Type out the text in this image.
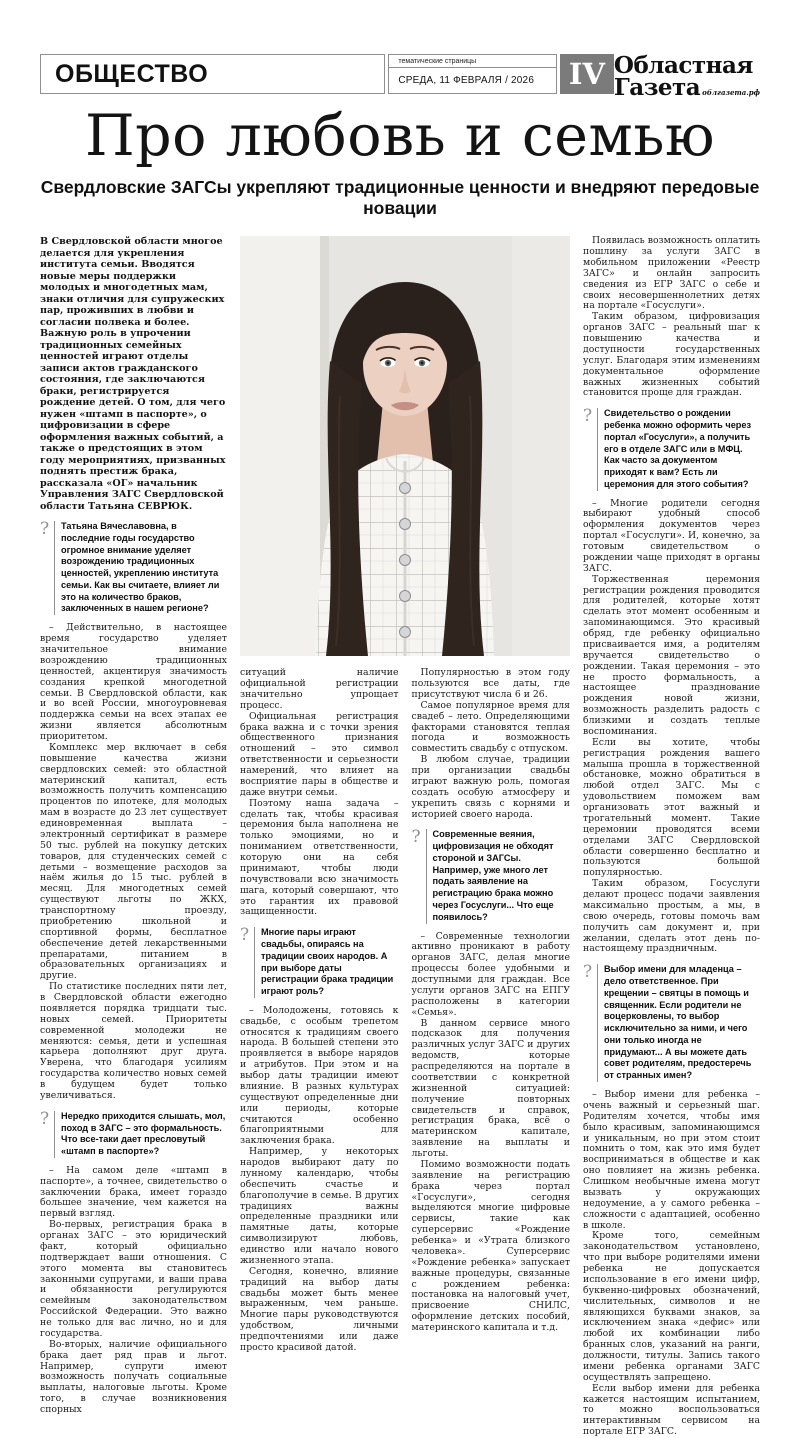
ОБЩЕСТВО	тематические страницы
СРЕДА, 11 ФЕВРАЛЯ / 2026	IV Областная
Газета облгазета.рф
Про любовь и семью
Свердловские ЗАГСы укрепляют традиционные ценности и внедряют передовые новации

В Свердловской области многое делается для укрепления института семьи. Вводятся новые меры поддержки молодых и многодетных мам, знаки отличия для супружеских пар, проживших в любви и согласии полвека и более. Важную роль в упрочении традиционных семейных ценностей играют отделы записи актов гражданского состояния, где заключаются браки, регистрируется рождение детей. О том, для чего нужен «штамп в паспорте», о цифровизации в сфере оформления важных событий, а также о предстоящих в этом году мероприятиях, призванных поднять престиж брака, рассказала «ОГ» начальник Управления ЗАГС Свердловской области Татьяна СЕВРЮК.

?	Татьяна Вячеславовна, в последние годы государство огромное внимание уделяет возрождению традиционных ценностей, укреплению института семьи. Как вы считаете, влияет ли это на количество браков, заключенных в нашем регионе?

– Действительно, в настоящее время государство уделяет значительное внимание возрождению традиционных ценностей, акцентируя значимость создания крепкой многодетной семьи. В Свердловской области, как и во всей России, многоуровневая поддержка семьи на всех этапах ее жизни является абсолютным приоритетом.

Комплекс мер включает в себя повышение качества жизни свердловских семей: это областной материнский капитал, есть возможность получить компенсацию процентов по ипотеке, для молодых мам в возрасте до 23 лет существует единовременная выплата – электронный сертификат в размере 50 тыс. рублей на покупку детских товаров, для студенческих семей с детьми – возмещение расходов за наём жилья до 15 тыс. рублей в месяц. Для многодетных семей существуют льготы по ЖКХ, транспортному проезду, приобретению школьной и спортивной формы, бесплатное обеспечение детей лекарственными препаратами, питанием в образовательных организациях и другие.

По статистике последних пяти лет, в Свердловской области ежегодно появляется порядка тридцати тыс. новых семей. Приоритеты современной молодежи не меняются: семья, дети и успешная карьера дополняют друг друга. Уверена, что благодаря усилиям государства количество новых семей в будущем будет только увеличиваться.

?	Нередко приходится слышать, мол, поход в ЗАГС – это формальность. Что все-таки дает пресловутый «штамп в паспорте»?

– На самом деле «штамп в паспорте», а точнее, свидетельство о заключении брака, имеет гораздо большее значение, чем кажется на первый взгляд.

Во-первых, регистрация брака в органах ЗАГС – это юридический факт, который официально подтверждает ваши отношения. С этого момента вы становитесь законными супругами, и ваши права и обязанности регулируются семейным законодательством Российской Федерации. Это важно не только для вас лично, но и для государства.

Во-вторых, наличие официального брака дает ряд прав и льгот. Например, супруги имеют возможность получать социальные выплаты, налоговые льготы. Кроме того, в случае возникновения спорных

ситуаций наличие официальной регистрации значительно упрощает процесс.

Официальная регистрация брака важна и с точки зрения общественного признания отношений – это символ ответственности и серьезности намерений, что влияет на восприятие пары в обществе и даже внутри семьи.

Поэтому наша задача – сделать так, чтобы красивая церемония была наполнена не только эмоциями, но и пониманием ответственности, которую они на себя принимают, чтобы люди почувствовали всю значимость шага, который совершают, что это гарантия их правовой защищенности.

?	Многие пары играют свадьбы, опираясь на традиции своих народов. А при выборе даты регистрации брака традиции играют роль?

– Молодожены, готовясь к свадьбе, с особым трепетом относятся к традициям своего народа. В большей степени это проявляется в выборе нарядов и атрибутов. При этом и на выбор даты традиции имеют влияние. В разных культурах существуют определенные дни или периоды, которые считаются особенно благоприятными для заключения брака.

Например, у некоторых народов выбирают дату по лунному календарю, чтобы обеспечить счастье и благополучие в семье. В других традициях важны определенные праздники или памятные даты, которые символизируют любовь, единство или начало нового жизненного этапа.

Сегодня, конечно, влияние традиций на выбор даты свадьбы может быть менее выраженным, чем раньше. Многие пары руководствуются удобством, личными предпочтениями или даже просто красивой датой.

Популярностью в этом году пользуются все даты, где присутствуют числа 6 и 26.

Самое популярное время для свадеб – лето. Определяющими факторами становятся теплая погода и возможность совместить свадьбу с отпуском.

В любом случае, традиции при организации свадьбы играют важную роль, помогая создать особую атмосферу и укрепить связь с корнями и историей своего народа.

?	Современные веяния, цифровизация не обходят стороной и ЗАГСы. Например, уже много лет подать заявление на регистрацию брака можно через Госуслуги... Что еще появилось?

– Современные технологии активно проникают в работу органов ЗАГС, делая многие процессы более удобными и доступными для граждан. Все услуги органов ЗАГС на ЕПГУ расположены в категории «Семья».

В данном сервисе много подсказок для получения различных услуг ЗАГС и других ведомств, которые распределяются на портале в соответствии с конкретной жизненной ситуацией: получение повторных свидетельств и справок, регистрация брака, всё о материнском капитале, заявление на выплаты и льготы.

Помимо возможности подать заявление на регистрацию брака через портал «Госуслуги», сегодня выделяются многие цифровые сервисы, такие как суперсервис «Рождение ребенка» и «Утрата близкого человека». Суперсервис «Рождение ребенка» запускает важные процедуры, связанные с рождением ребенка: постановка на налоговый учет, присвоение СНИЛС, оформление детских пособий, материнского капитала и т.д.

Появилась возможность оплатить пошлину за услуги ЗАГС в мобильном приложении «Реестр ЗАГС» и онлайн запросить сведения из ЕГР ЗАГС о себе и своих несовершеннолетних детях на портале «Госуслуги».

Таким образом, цифровизация органов ЗАГС – реальный шаг к повышению качества и доступности государственных услуг. Благодаря этим изменениям документальное оформление важных жизненных событий становится проще для граждан.

?	Свидетельство о рождении ребенка можно оформить через портал «Госуслуги», а получить его в отделе ЗАГС или в МФЦ. Как часто за документом приходят к вам? Есть ли церемония для этого события?

– Многие родители сегодня выбирают удобный способ оформления документов через портал «Госуслуги». И, конечно, за готовым свидетельством о рождении чаще приходят в органы ЗАГС.

Торжественная церемония регистрации рождения проводится для родителей, которые хотят сделать этот момент особенным и запоминающимся. Это красивый обряд, где ребенку официально присваивается имя, а родителям вручается свидетельство о рождении. Такая церемония – это не просто формальность, а настоящее празднование рождения новой жизни, возможность разделить радость с близкими и создать теплые воспоминания.

Если вы хотите, чтобы регистрация рождения вашего малыша прошла в торжественной обстановке, можно обратиться в любой отдел ЗАГС. Мы с удовольствием поможем вам организовать этот важный и трогательный момент. Такие церемонии проводятся всеми отделами ЗАГС Свердловской области совершенно бесплатно и пользуются большой популярностью.

Таким образом, Госуслуги делают процесс подачи заявления максимально простым, а мы, в свою очередь, готовы помочь вам получить сам документ и, при желании, сделать этот день по-настоящему праздничным.

?	Выбор имени для младенца – дело ответственное. При крещении – святцы в помощь и священник. Если родители не воцерковлены, то выбор исключительно за ними, и чего они только иногда не придумают... А вы можете дать совет родителям, предостеречь от странных имен?

– Выбор имени для ребенка – очень важный и серьезный шаг. Родителям хочется, чтобы имя было красивым, запоминающимся и уникальным, но при этом стоит помнить о том, как это имя будет восприниматься в обществе и как оно повлияет на жизнь ребенка. Слишком необычные имена могут вызвать у окружающих недоумение, а у самого ребенка – сложности с адаптацией, особенно в школе.

Кроме того, семейным законодательством установлено, что при выборе родителями имени ребенка не допускается использование в его имени цифр, буквенно-цифровых обозначений, числительных, символов и не являющихся буквами знаков, за исключением знака «дефис» или любой их комбинации либо бранных слов, указаний на ранги, должности, титулы. Запись такого имени ребенка органами ЗАГС осуществлять запрещено.

Если выбор имени для ребенка кажется настоящим испытанием, то можно воспользоваться интерактивным сервисом на портале ЕГР ЗАГС.
